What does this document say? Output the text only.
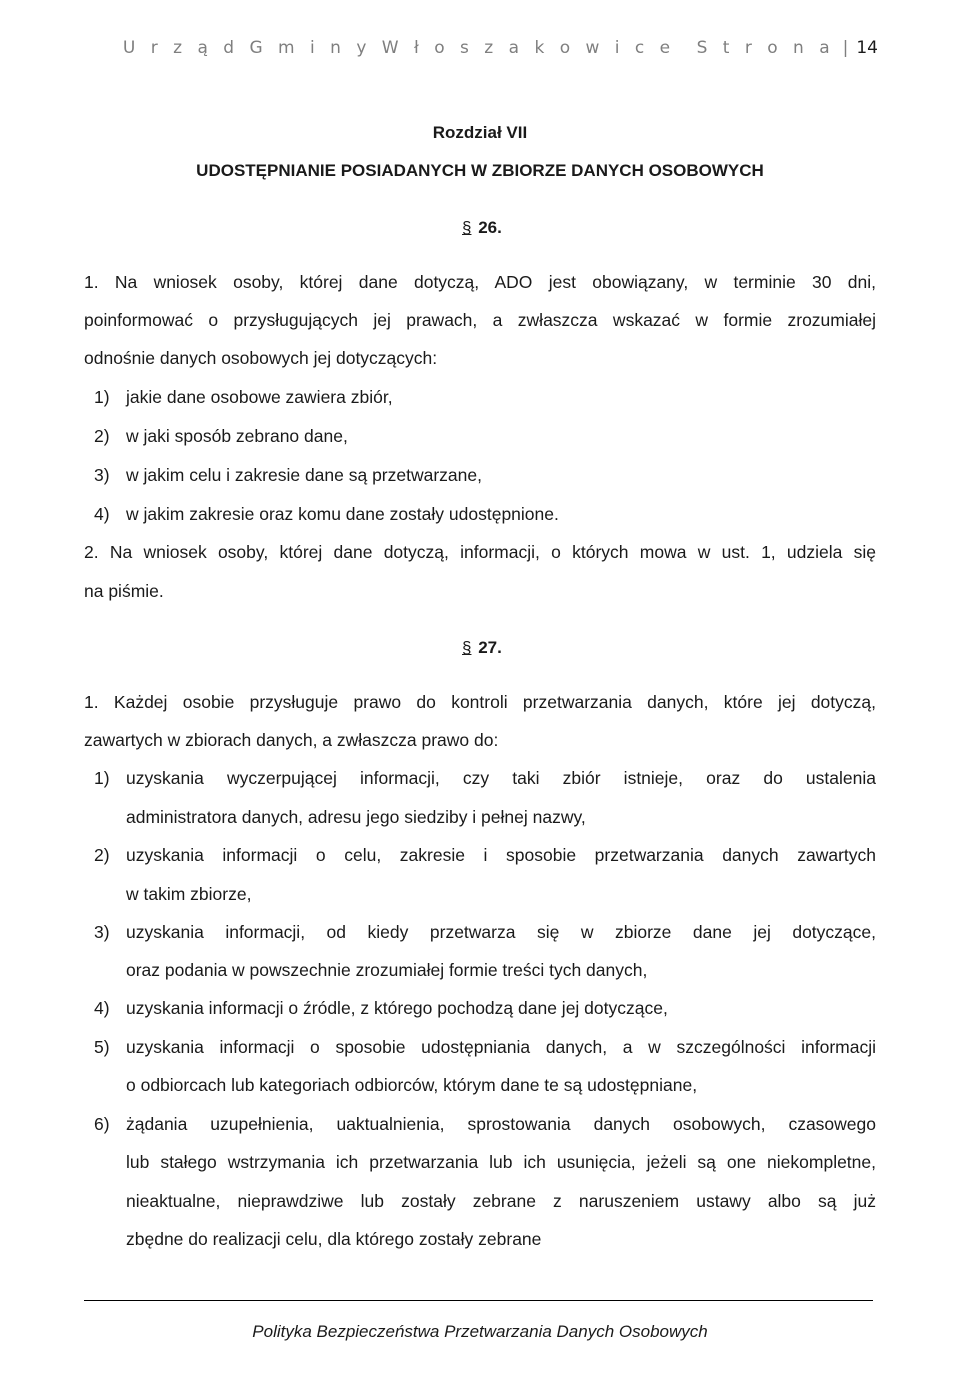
U r z ą d G m i n y W ł o s z a k o w i c e S t r o n a | 14
Rozdział VII
UDOSTĘPNIANIE POSIADANYCH W ZBIORZE DANYCH OSOBOWYCH
§ 26.
1. Na wniosek osoby, której dane dotyczą, ADO jest obowiązany, w terminie 30 dni,
poinformować o przysługujących jej prawach, a zwłaszcza wskazać w formie zrozumiałej
odnośnie danych osobowych jej dotyczących:
1) jakie dane osobowe zawiera zbiór,
2) w jaki sposób zebrano dane,
3) w jakim celu i zakresie dane są przetwarzane,
4) w jakim zakresie oraz komu dane zostały udostępnione.
2. Na wniosek osoby, której dane dotyczą, informacji, o których mowa w ust. 1, udziela się
na piśmie.
§ 27.
1. Każdej osobie przysługuje prawo do kontroli przetwarzania danych, które jej dotyczą,
zawartych w zbiorach danych, a zwłaszcza prawo do:
1) uzyskania wyczerpującej informacji, czy taki zbiór istnieje, oraz do ustalenia
administratora danych, adresu jego siedziby i pełnej nazwy,
2) uzyskania informacji o celu, zakresie i sposobie przetwarzania danych zawartych
w takim zbiorze,
3) uzyskania informacji, od kiedy przetwarza się w zbiorze dane jej dotyczące,
oraz podania w powszechnie zrozumiałej formie treści tych danych,
4) uzyskania informacji o źródle, z którego pochodzą dane jej dotyczące,
5) uzyskania informacji o sposobie udostępniania danych, a w szczególności informacji
o odbiorcach lub kategoriach odbiorców, którym dane te są udostępniane,
6) żądania uzupełnienia, uaktualnienia, sprostowania danych osobowych, czasowego
lub stałego wstrzymania ich przetwarzania lub ich usunięcia, jeżeli są one niekompletne,
nieaktualne, nieprawdziwe lub zostały zebrane z naruszeniem ustawy albo są już
zbędne do realizacji celu, dla którego zostały zebrane
Polityka Bezpieczeństwa Przetwarzania Danych Osobowych
